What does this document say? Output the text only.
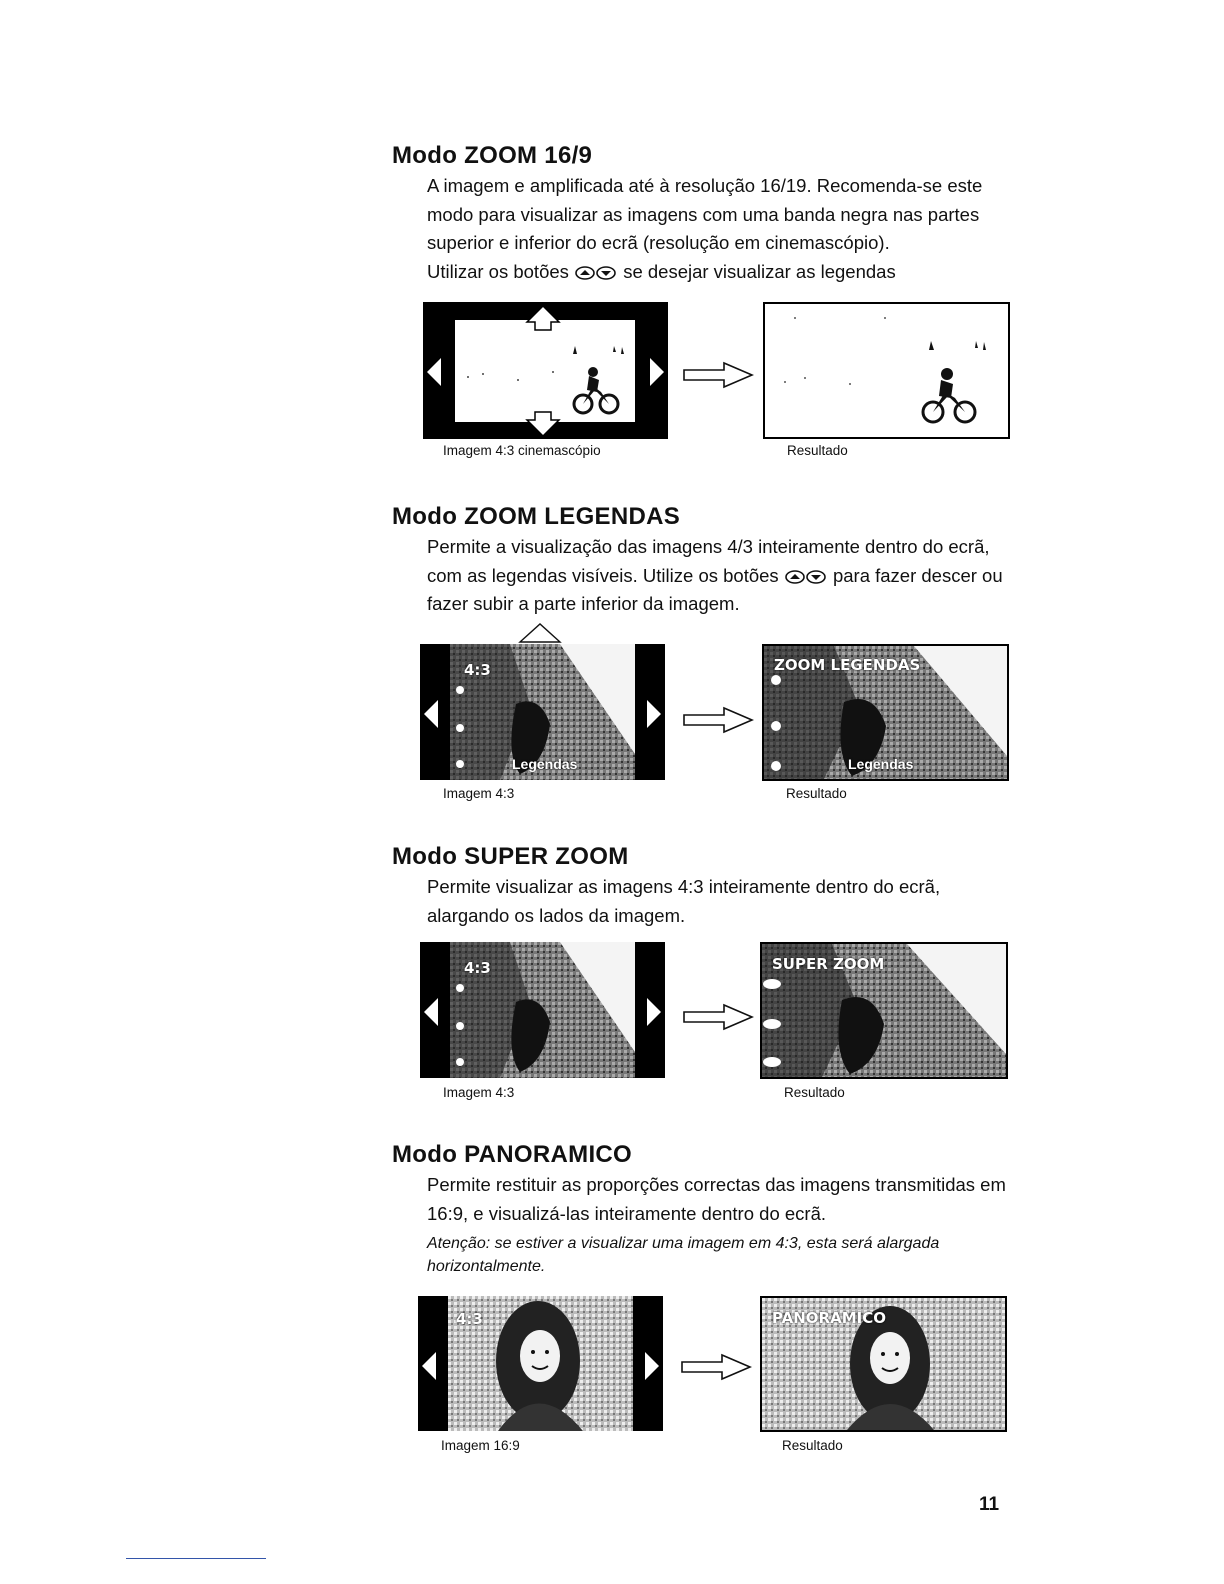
Modo ZOOM 16/9

A imagem e amplificada até à resolução 16/19. Recomenda-se este modo para visualizar as imagens com uma banda negra nas partes superior e inferior do ecrã (resolução em cinemascópio).
Utilizar os botões	se desejar visualizar as legendas

Imagem 4:3 cinemascópio	Resultado

Modo ZOOM LEGENDAS

Permite a visualização das imagens 4/3 inteiramente dentro do ecrã, com as legendas visíveis. Utilize os botões	para fazer descer ou fazer subir a parte inferior da imagem.

4:3
Legendas
ZOOM LEGENDAS
Legendas

Imagem 4:3	Resultado

Modo SUPER ZOOM

Permite visualizar as imagens 4:3 inteiramente dentro do ecrã, alargando os lados da imagem.

4:3	SUPER ZOOM

Imagem 4:3	Resultado

Modo PANORAMICO

Permite restituir as proporções correctas das imagens transmitidas em 16:9, e visualizá-las inteiramente dentro do ecrã.

Atenção: se estiver a visualizar uma imagem em 4:3, esta será alargada horizontalmente.

4:3	PANORAMICO

Imagem 16:9	Resultado

11
